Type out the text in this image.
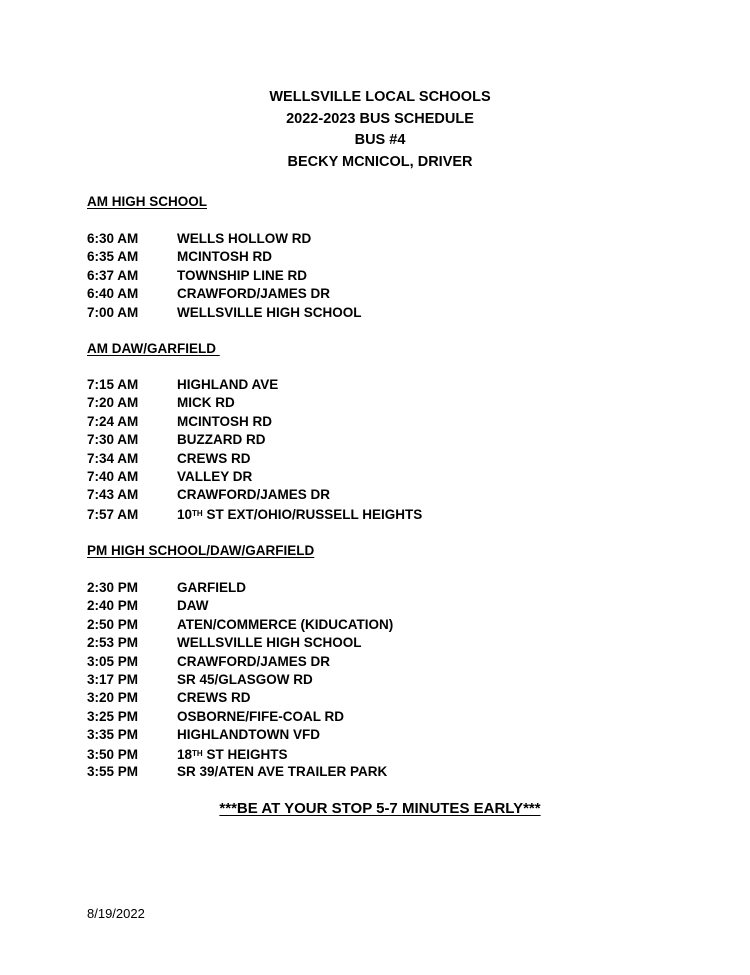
WELLSVILLE LOCAL SCHOOLS
2022-2023 BUS SCHEDULE
BUS #4
BECKY MCNICOL, DRIVER
AM HIGH SCHOOL
6:30 AM	WELLS HOLLOW RD
6:35 AM	MCINTOSH RD
6:37 AM	TOWNSHIP LINE RD
6:40 AM	CRAWFORD/JAMES DR
7:00 AM	WELLSVILLE HIGH SCHOOL
AM DAW/GARFIELD
7:15 AM	HIGHLAND AVE
7:20 AM	MICK RD
7:24 AM	MCINTOSH RD
7:30 AM	BUZZARD RD
7:34 AM	CREWS RD
7:40 AM	VALLEY DR
7:43 AM	CRAWFORD/JAMES DR
7:57 AM	10TH ST EXT/OHIO/RUSSELL HEIGHTS
PM HIGH SCHOOL/DAW/GARFIELD
2:30 PM	GARFIELD
2:40 PM	DAW
2:50 PM	ATEN/COMMERCE (KIDUCATION)
2:53 PM	WELLSVILLE HIGH SCHOOL
3:05 PM	CRAWFORD/JAMES DR
3:17 PM	SR 45/GLASGOW RD
3:20 PM	CREWS RD
3:25 PM	OSBORNE/FIFE-COAL RD
3:35 PM	HIGHLANDTOWN VFD
3:50 PM	18TH ST HEIGHTS
3:55 PM	SR 39/ATEN AVE TRAILER PARK
***BE AT YOUR STOP 5-7 MINUTES EARLY***
8/19/2022
